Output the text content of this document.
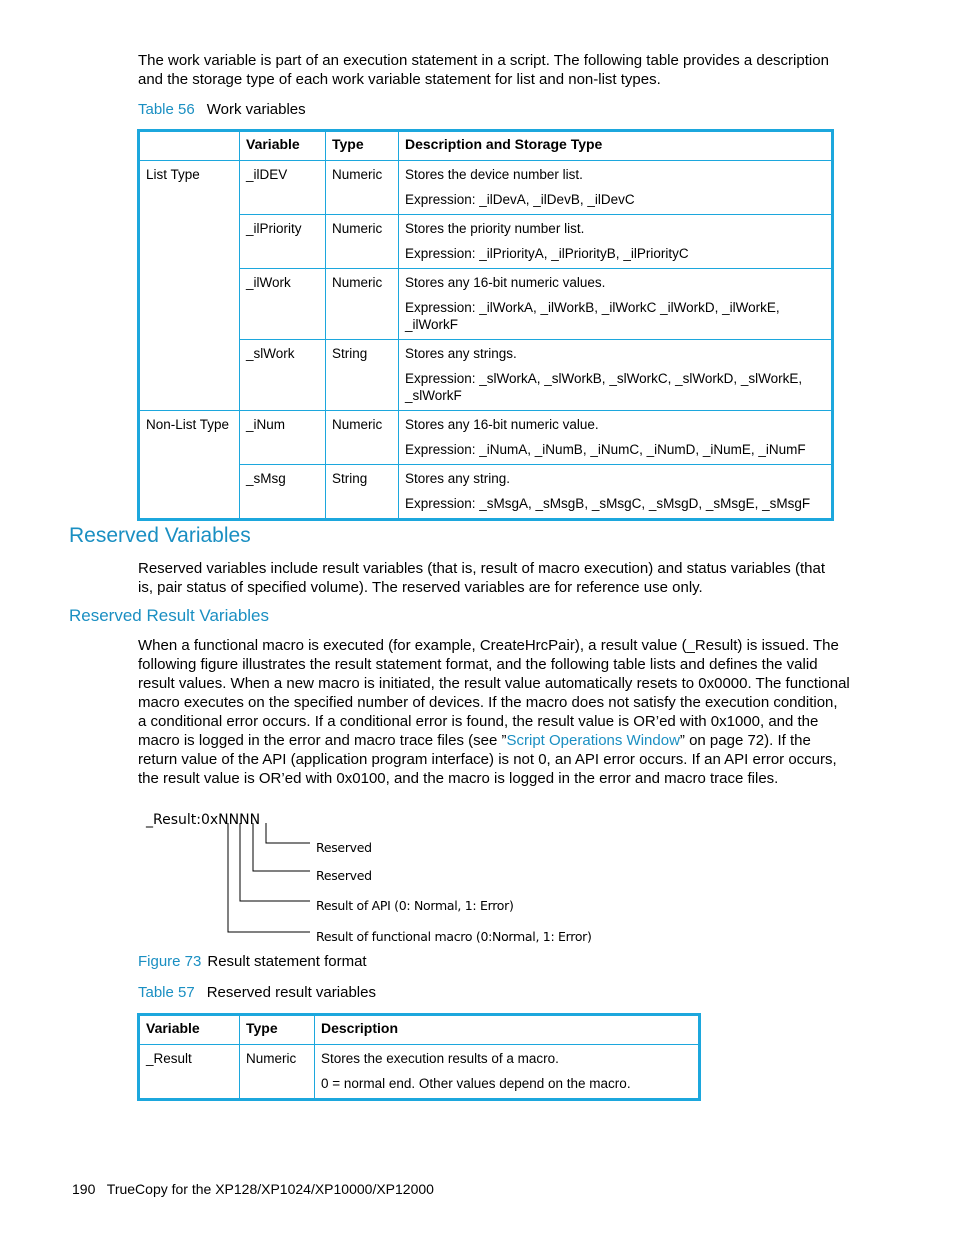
The work variable is part of an execution statement in a script. The following table provides a description and the storage type of each work variable statement for list and non-list types.

Table 56 Work variables
	Variable	Type	Description and Storage Type
List Type	_ilDEV	Numeric	Stores the device number list.
Expression: _ilDevA, _ilDevB, _ilDevC

	_ilPriority	Numeric	Stores the priority number list.
Expression: _ilPriorityA, _ilPriorityB, _ilPriorityC

	_ilWork	Numeric	Stores any 16-bit numeric values.
Expression: _ilWorkA, _ilWorkB, _ilWorkC _ilWorkD, _ilWorkE, _ilWorkF

	_slWork	String	Stores any strings.
Expression: _slWorkA, _slWorkB, _slWorkC, _slWorkD, _slWorkE, _slWorkF

Non-List Type	_iNum	Numeric	Stores any 16-bit numeric value.
Expression: _iNumA, _iNumB, _iNumC, _iNumD, _iNumE, _iNumF

	_sMsg	String	Stores any string.
Expression: _sMsgA, _sMsgB, _sMsgC, _sMsgD, _sMsgE, _sMsgF
Reserved Variables

Reserved variables include result variables (that is, result of macro execution) and status variables (that is, pair status of specified volume). The reserved variables are for reference use only.

Reserved Result Variables

When a functional macro is executed (for example, CreateHrcPair), a result value (_Result) is issued. The following figure illustrates the result statement format, and the following table lists and defines the valid result values. When a new macro is initiated, the result value automatically resets to 0x0000. The functional macro executes on the specified number of devices. If the macro does not satisfy the execution condition, a conditional error occurs. If a conditional error is found, the result value is OR’ed with 0x1000, and the macro is logged in the error and macro trace files (see ”Script Operations Window” on page 72). If the return value of the API (application program interface) is not 0, an API error occurs. If an API error occurs, the result value is OR’ed with 0x0100, and the macro is logged in the error and macro trace files.

_Result:0xNNNN
Reserved
Reserved
Result of API (0: Normal, 1: Error)
Result of functional macro (0:Normal, 1: Error)
Figure 73 Result statement format
Table 57 Reserved result variables
Variable	Type	Description
_Result	Numeric	Stores the execution results of a macro.
0 = normal end. Other values depend on the macro.
190 TrueCopy for the XP128/XP1024/XP10000/XP12000
